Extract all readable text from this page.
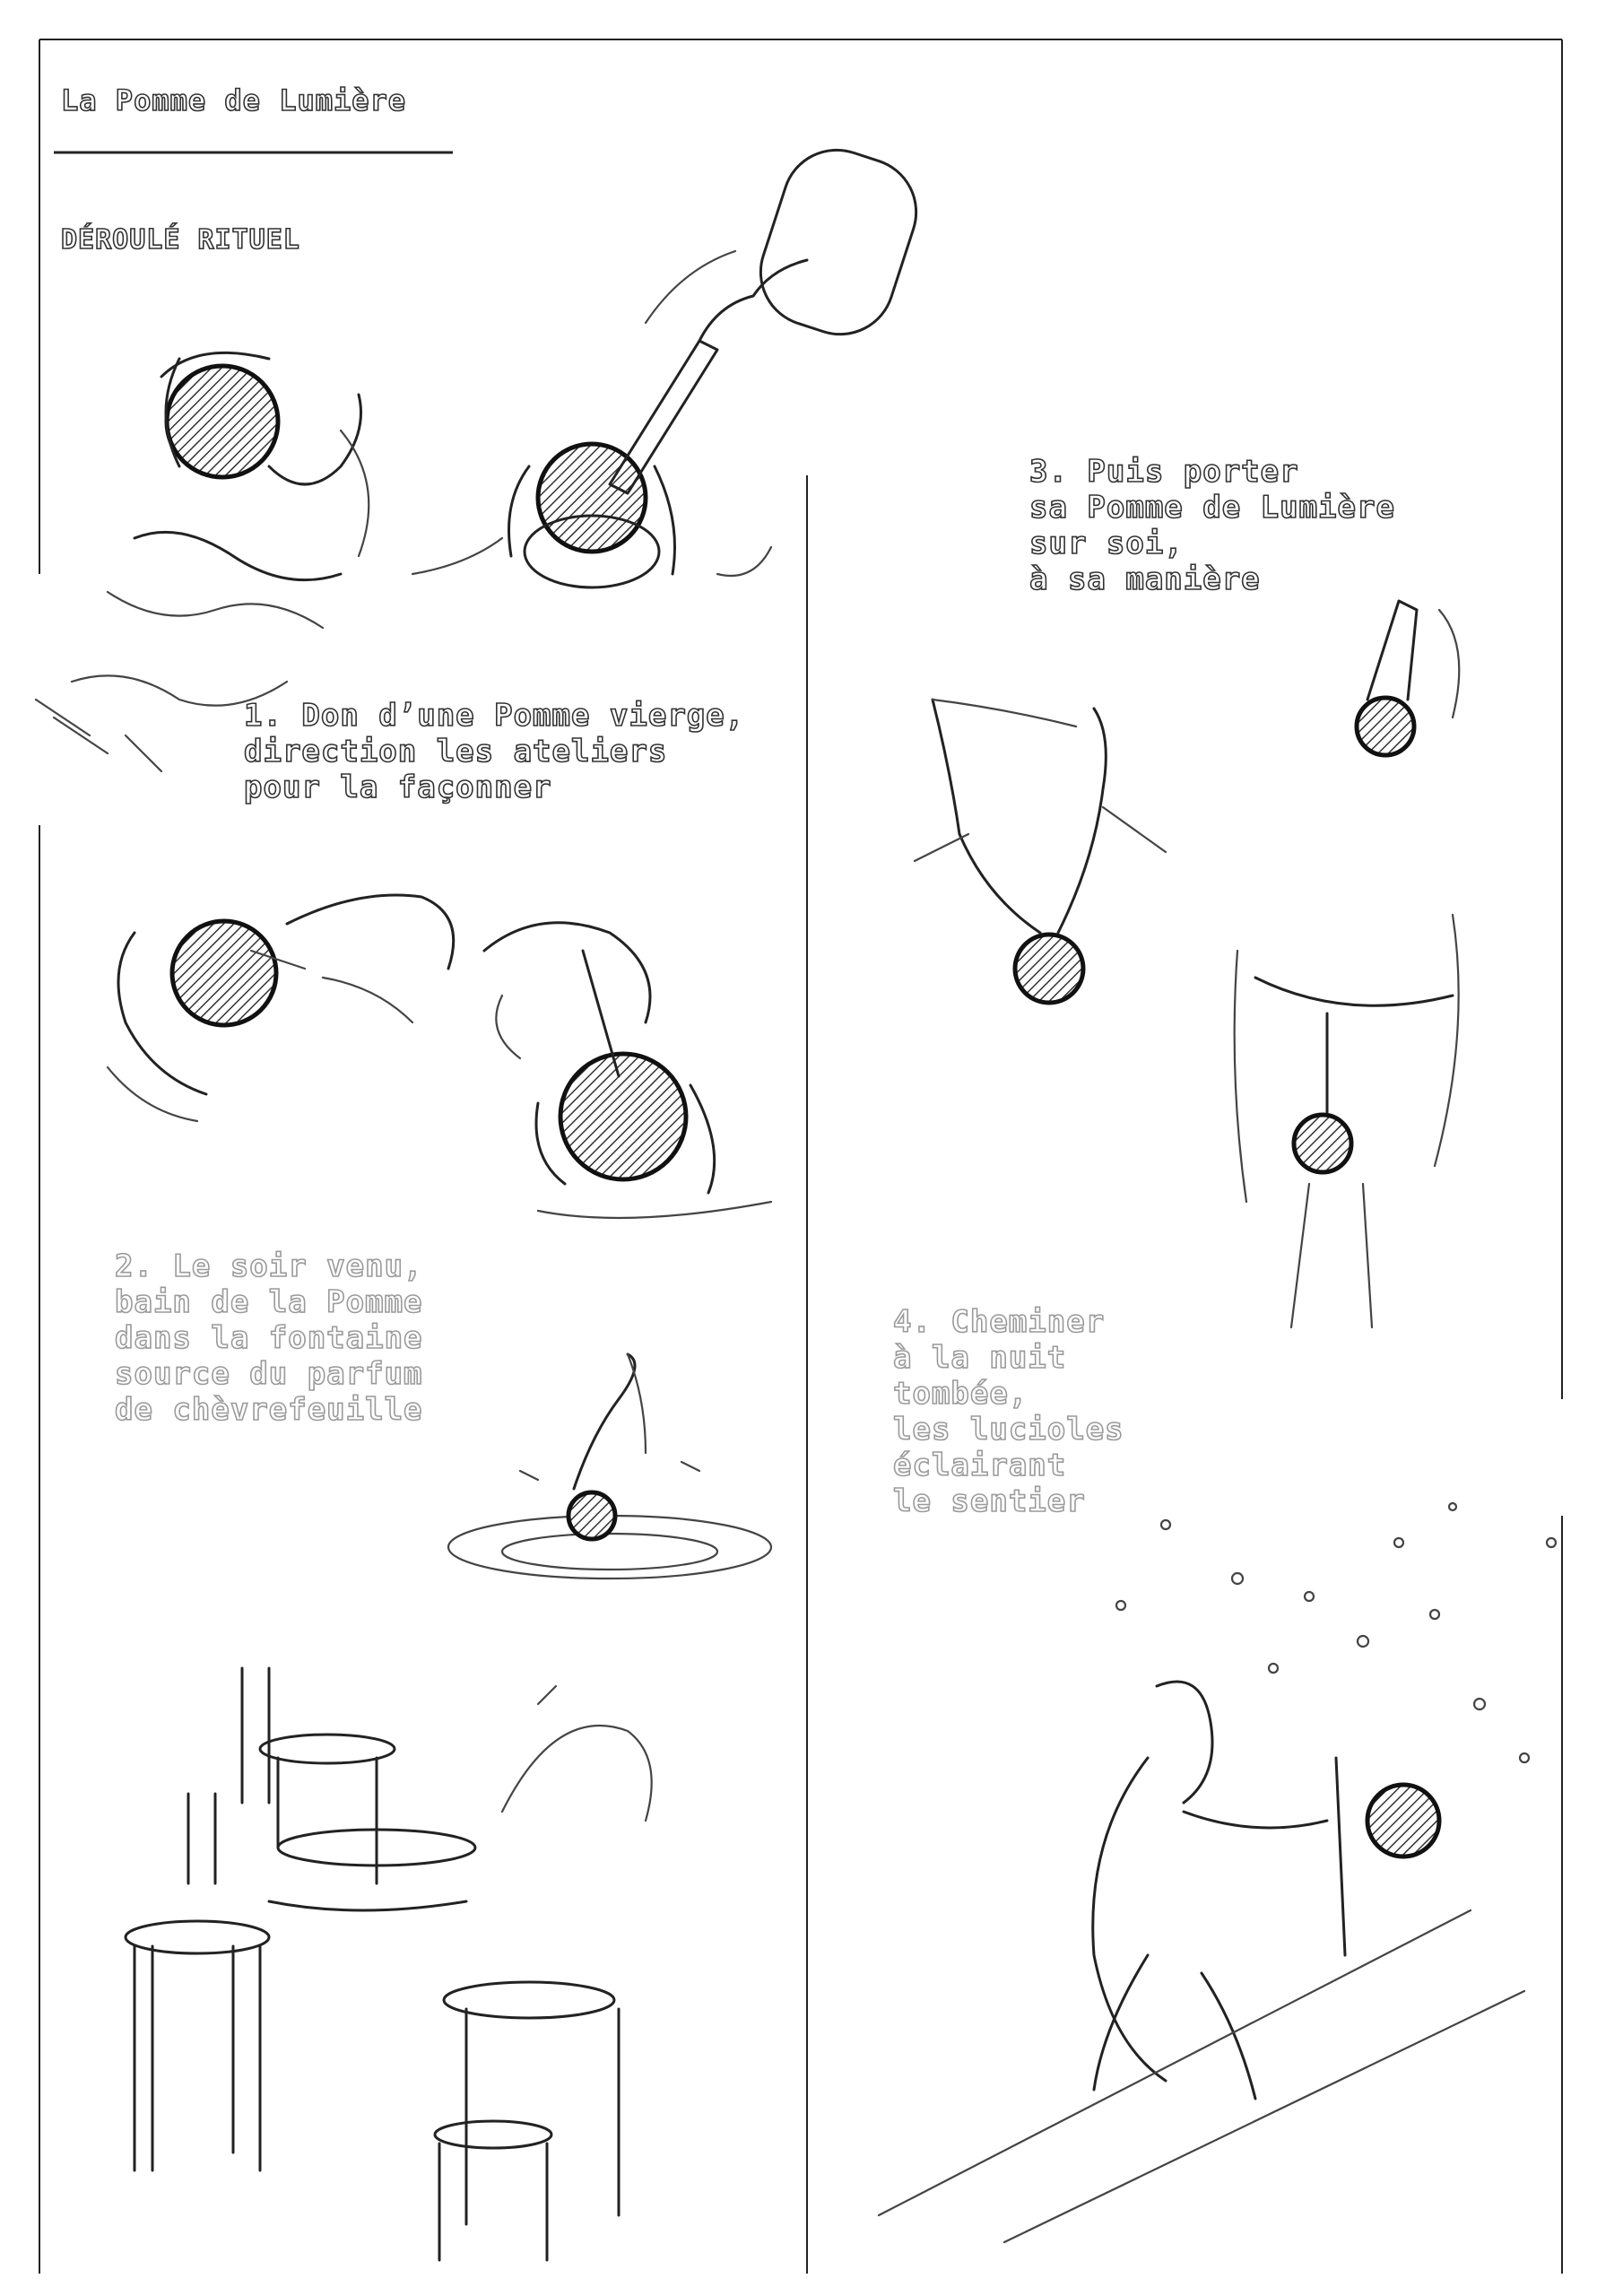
La Pomme de Lumière
DÉROULÉ RITUEL
1. Don d’une Pomme vierge,
direction les ateliers
pour la façonner
2. Le soir venu,
bain de la Pomme
dans la fontaine
source du parfum
de chèvrefeuille
3. Puis porter
sa Pomme de Lumière
sur soi,
à sa manière
4. Cheminer
à la nuit
tombée,
les lucioles
éclairant
le sentier
